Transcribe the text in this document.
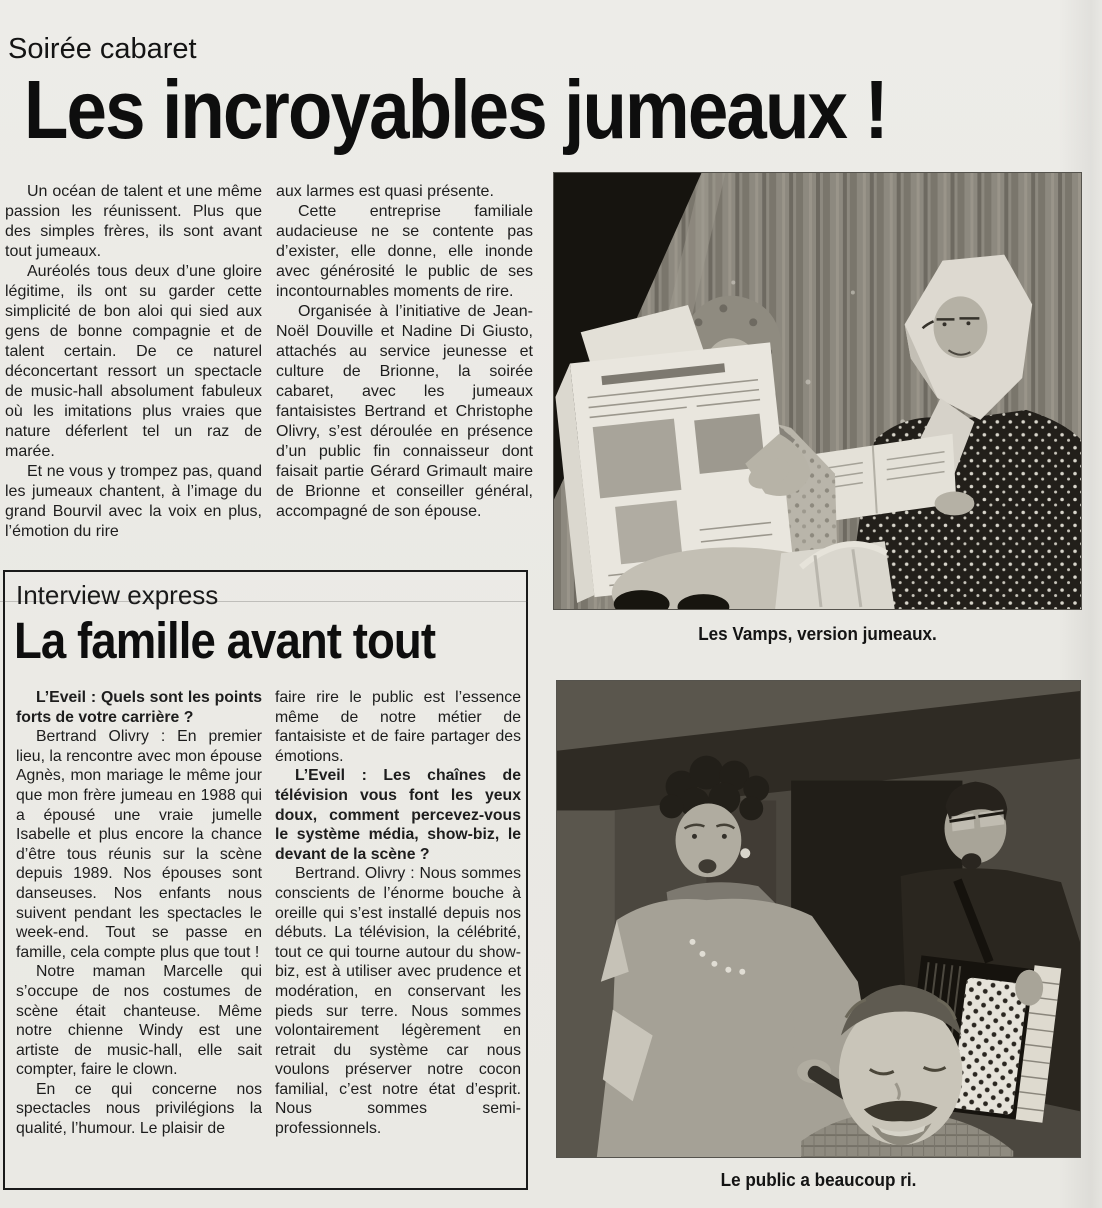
Soirée cabaret
Les incroyables jumeaux !

Un océan de talent et une même passion les réunissent. Plus que des simples frères, ils sont avant tout jumeaux.

Auréolés tous deux d’une gloire légitime, ils ont su garder cette simplicité de bon aloi qui sied aux gens de bonne compagnie et de talent certain. De ce naturel déconcertant ressort un spectacle de music-hall absolument fabuleux où les imitations plus vraies que nature déferlent tel un raz de marée.

Et ne vous y trompez pas, quand les jumeaux chantent, à l’image du grand Bourvil avec la voix en plus, l’émotion du rire

aux larmes est quasi présente.

Cette entreprise familiale audacieuse ne se contente pas d’exister, elle donne, elle inonde avec générosité le public de ses incontournables moments de rire.

Organisée à l’initiative de Jean-Noël Douville et Nadine Di Giusto, attachés au service jeunesse et culture de Brionne, la soirée cabaret, avec les jumeaux fantaisistes Bertrand et Christophe Olivry, s’est déroulée en présence d’un public fin connaisseur dont faisait partie Gérard Grimault maire de Brionne et conseiller général, accompagné de son épouse.

Les Vamps, version jumeaux.
Interview express
La famille avant tout

L’Eveil : Quels sont les points forts de votre carrière ?

Bertrand Olivry : En premier lieu, la rencontre avec mon épouse Agnès, mon mariage le même jour que mon frère jumeau en 1988 qui a épousé une vraie jumelle Isabelle et plus encore la chance d’être tous réunis sur la scène depuis 1989. Nos épouses sont danseuses. Nos enfants nous suivent pendant les spectacles le week-end. Tout se passe en famille, cela compte plus que tout !

Notre maman Marcelle qui s’occupe de nos costumes de scène était chanteuse. Même notre chienne Windy est une artiste de music-hall, elle sait compter, faire le clown.

En ce qui concerne nos spectacles nous privilégions la qualité, l’humour. Le plaisir de

faire rire le public est l’essence même de notre métier de fantaisiste et de faire partager des émotions.

L’Eveil : Les chaînes de télévision vous font les yeux doux, comment percevez-vous le système média, show-biz, le devant de la scène ?

Bertrand. Olivry : Nous sommes conscients de l’énorme bouche à oreille qui s’est installé depuis nos débuts. La télévision, la célébrité, tout ce qui tourne autour du show-biz, est à utiliser avec prudence et modération, en conservant les pieds sur terre. Nous sommes volontairement légèrement en retrait du système car nous voulons préserver notre cocon familial, c’est notre état d’esprit. Nous sommes semi-professionnels.

Le public a beaucoup ri.
